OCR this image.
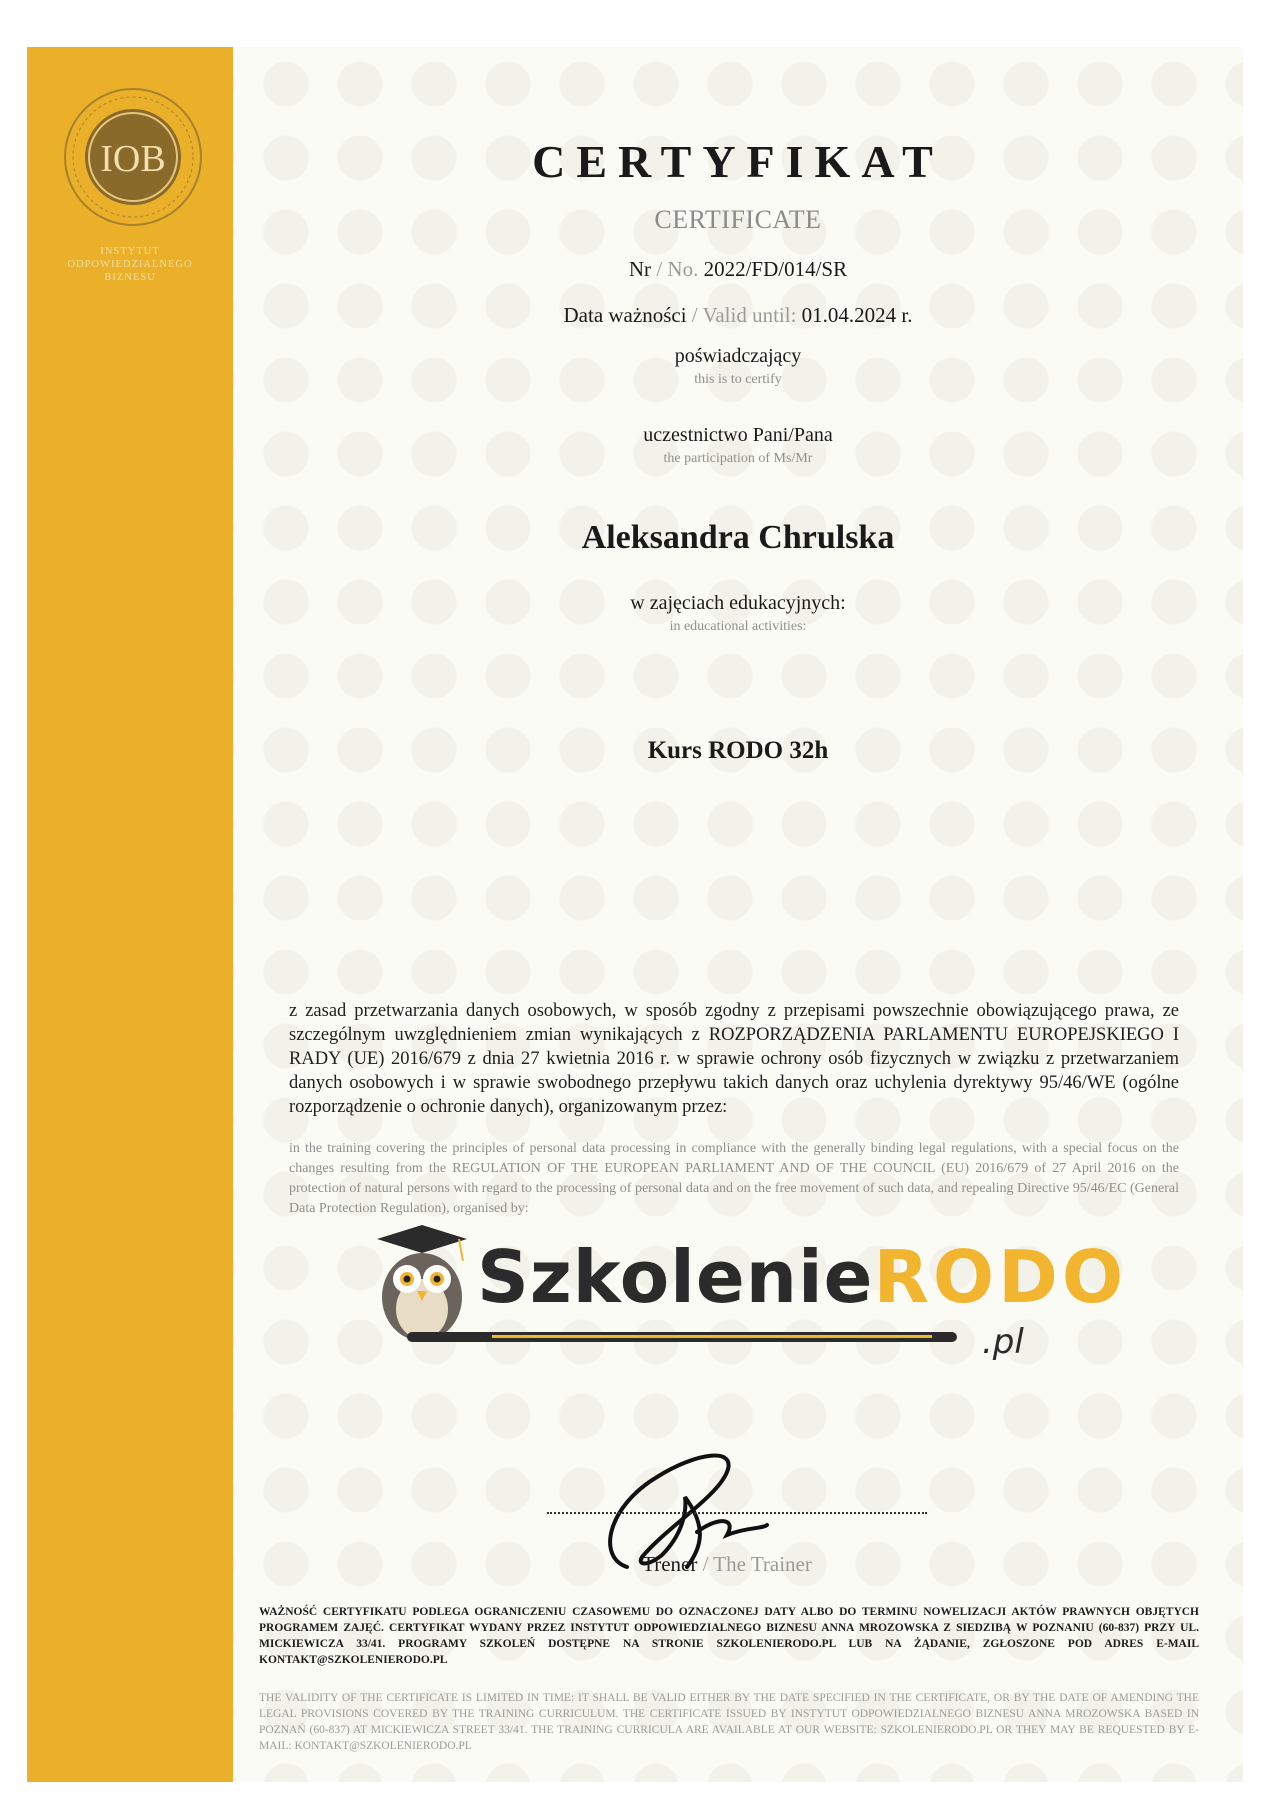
IOB
INSTYTUT
ODPOWIEDZIALNEGO
BIZNESU
CERTYFIKAT
CERTIFICATE
Nr / No. 2022/FD/014/SR
Data ważności / Valid until: 01.04.2024 r.
poświadczający
this is to certify
uczestnictwo Pani/Pana
the participation of Ms/Mr
Aleksandra Chrulska
w zajęciach edukacyjnych:
in educational activities:
Kurs RODO 32h
z zasad przetwarzania danych osobowych, w sposób zgodny z przepisami powszechnie obowiązującego prawa, ze szczególnym uwzględnieniem zmian wynikających z ROZPORZĄDZENIA PARLAMENTU EUROPEJSKIEGO I RADY (UE) 2016/679 z dnia 27 kwietnia 2016 r. w sprawie ochrony osób fizycznych w związku z przetwarzaniem danych osobowych i w sprawie swobodnego przepływu takich danych oraz uchylenia dyrektywy 95/46/WE (ogólne rozporządzenie o ochronie danych), organizowanym przez:
in the training covering the principles of personal data processing in compliance with the generally binding legal regulations, with a special focus on the changes resulting from the REGULATION OF THE EUROPEAN PARLIAMENT AND OF THE COUNCIL (EU) 2016/679 of 27 April 2016 on the protection of natural persons with regard to the processing of personal data and on the free movement of such data, and repealing Directive 95/46/EC (General Data Protection Regulation), organised by:
SzkolenieRODO
.pl
Trener / The Trainer
WAŻNOŚĆ CERTYFIKATU PODLEGA OGRANICZENIU CZASOWEMU DO OZNACZONEJ DATY ALBO DO TERMINU NOWELIZACJI AKTÓW PRAWNYCH OBJĘTYCH PROGRAMEM ZAJĘĆ. CERTYFIKAT WYDANY PRZEZ INSTYTUT ODPOWIEDZIALNEGO BIZNESU ANNA MROZOWSKA Z SIEDZIBĄ W POZNANIU (60-837) PRZY UL. MICKIEWICZA 33/41. PROGRAMY SZKOLEŃ DOSTĘPNE NA STRONIE SZKOLENIERODO.PL LUB NA ŻĄDANIE, ZGŁOSZONE POD ADRES E-MAIL KONTAKT@SZKOLENIERODO.PL
THE VALIDITY OF THE CERTIFICATE IS LIMITED IN TIME: IT SHALL BE VALID EITHER BY THE DATE SPECIFIED IN THE CERTIFICATE, OR BY THE DATE OF AMENDING THE LEGAL PROVISIONS COVERED BY THE TRAINING CURRICULUM. THE CERTIFICATE ISSUED BY INSTYTUT ODPOWIEDZIALNEGO BIZNESU ANNA MROZOWSKA BASED IN POZNAŃ (60-837) AT MICKIEWICZA STREET 33/41. THE TRAINING CURRICULA ARE AVAILABLE AT OUR WEBSITE: SZKOLENIERODO.PL OR THEY MAY BE REQUESTED BY E-MAIL: KONTAKT@SZKOLENIERODO.PL
